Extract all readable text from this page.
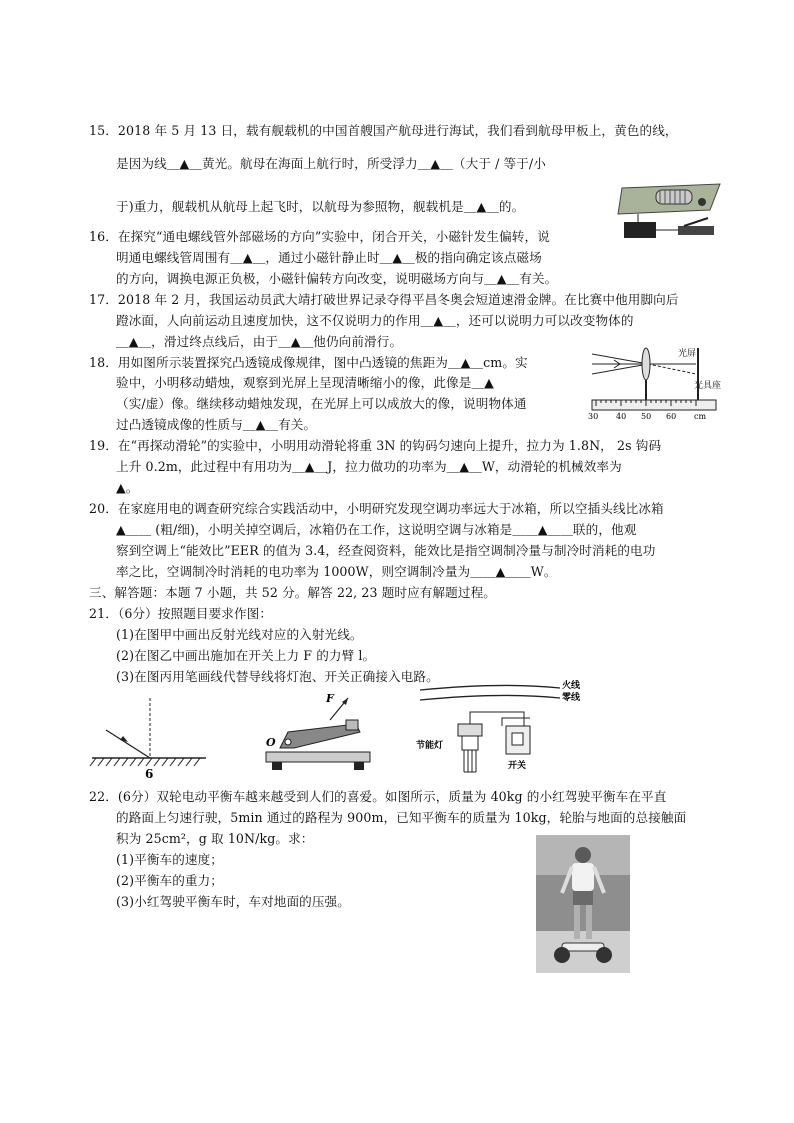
15．2018 年 5 月 13 日，载有舰载机的中国首艘国产航母进行海试，我们看到航母甲板上，黄色的线，
是因为线＿▲＿黄光。航母在海面上航行时，所受浮力＿▲＿（大于 / 等于/小
于)重力，舰载机从航母上起飞时，以航母为参照物，舰载机是＿▲＿的。
16．在探究“通电螺线管外部磁场的方向”实验中，闭合开关，小磁针发生偏转，说
明通电螺线管周围有＿▲＿，通过小磁针静止时＿▲＿极的指向确定该点磁场
的方向，调换电源正负极，小磁针偏转方向改变，说明磁场方向与＿▲＿有关。
17．2018 年 2 月，我国运动员武大靖打破世界记录夺得平昌冬奥会短道速滑金牌。在比赛中他用脚向后
蹬冰面，人向前运动且速度加快，这不仅说明力的作用＿▲＿，还可以说明力可以改变物体的
＿▲＿，滑过终点线后，由于＿▲＿他仍向前滑行。
18．用如图所示装置探究凸透镜成像规律，图中凸透镜的焦距为＿▲＿cm。实
验中，小明移动蜡烛，观察到光屏上呈现清晰缩小的像，此像是＿▲
（实/虚）像。继续移动蜡烛发现，在光屏上可以成放大的像，说明物体通
过凸透镜成像的性质与＿▲＿有关。
光屏
光具座
30 40 50 60 cm
19．在“再探动滑轮”的实验中，小明用动滑轮将重 3N 的钩码匀速向上提升，拉力为 1.8N， 2s 钩码
上升 0.2m，此过程中有用功为＿▲＿J，拉力做功的功率为＿▲＿W，动滑轮的机械效率为
▲。
20．在家庭用电的调查研究综合实践活动中，小明研究发现空调功率远大于冰箱，所以空插头线比冰箱
▲＿＿ (粗/细)，小明关掉空调后，冰箱仍在工作，这说明空调与冰箱是＿＿▲＿＿联的，他观
察到空调上“能效比”EER 的值为 3.4，经查阅资料，能效比是指空调制冷量与制冷时消耗的电功
率之比，空调制冷时消耗的电功率为 1000W，则空调制冷量为＿＿▲＿＿W。
三、解答题：本题 7 小题，共 52 分。解答 22, 23 题时应有解题过程。
21．（6分）按照题目要求作图：
(1)在图甲中画出反射光线对应的入射光线。
(2)在图乙中画出施加在开关上力 F 的力臂 l。
(3)在图丙用笔画线代替导线将灯泡、开关正确接入电路。
6
F
O
火线
零线
节能灯
开关
22．(6分）双轮电动平衡车越来越受到人们的喜爱。如图所示，质量为 40kg 的小红驾驶平衡车在平直
的路面上匀速行驶，5min 通过的路程为 900m，已知平衡车的质量为 10kg，轮胎与地面的总接触面
积为 25cm²，g 取 10N/kg。求：
(1)平衡车的速度；
(2)平衡车的重力；
(3)小红驾驶平衡车时，车对地面的压强。
